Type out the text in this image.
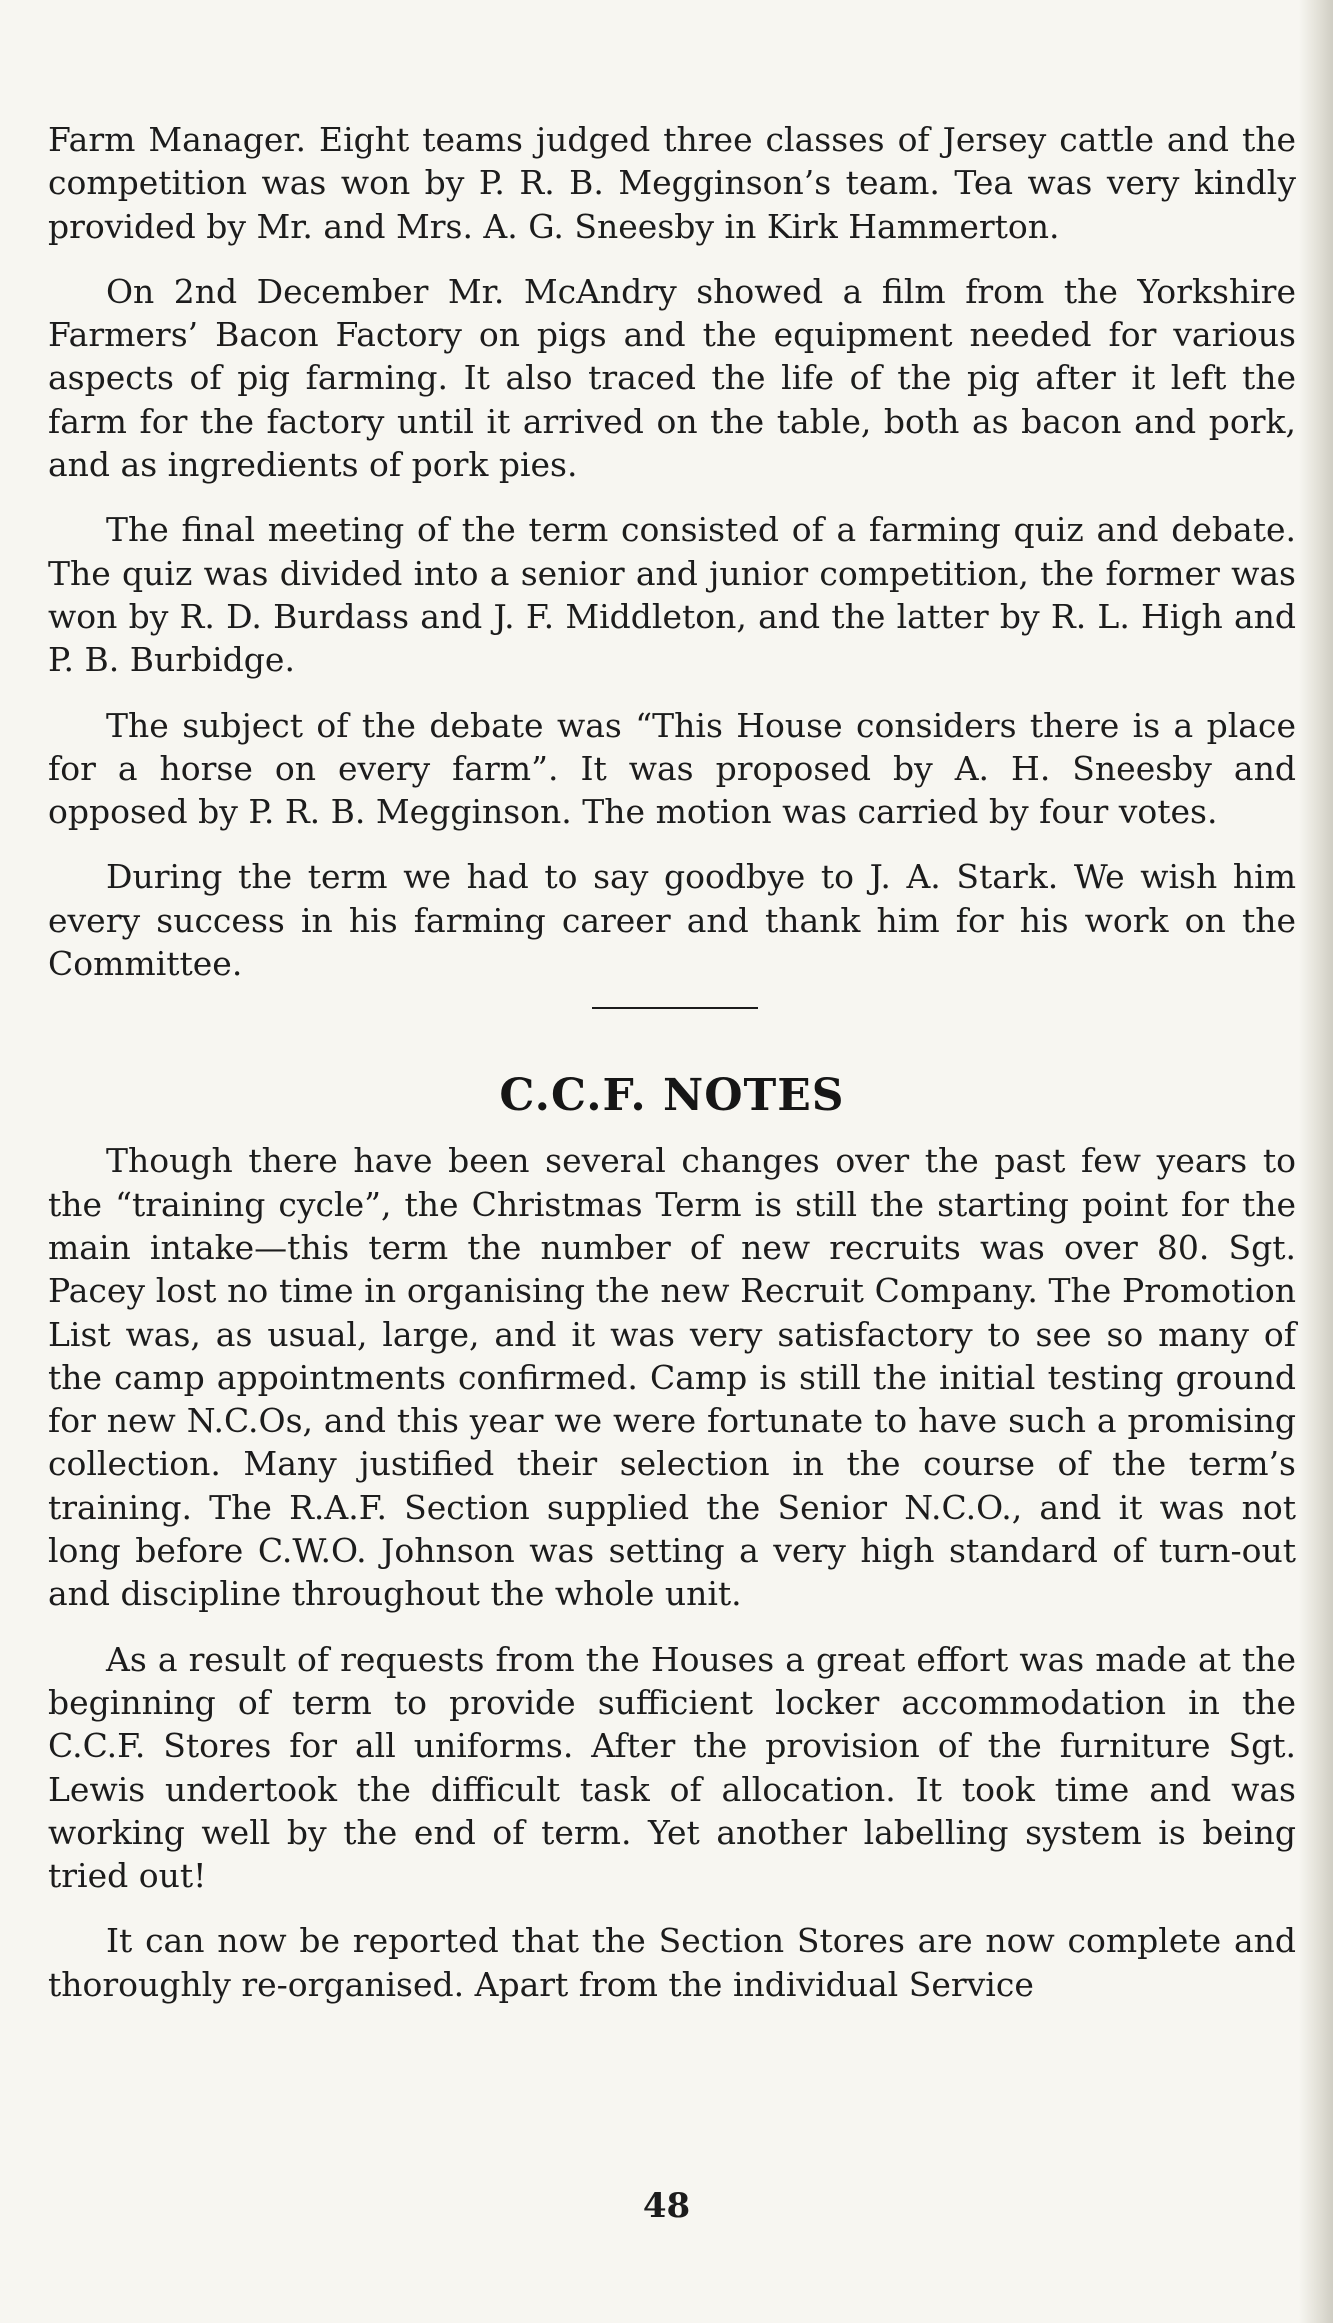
Farm Manager. Eight teams judged three classes of Jersey cattle and the competition was won by P. R. B. Megginson’s team. Tea was very kindly provided by Mr. and Mrs. A. G. Sneesby in Kirk Hammerton.

On 2nd December Mr. McAndry showed a film from the Yorkshire Farmers’ Bacon Factory on pigs and the equipment needed for various aspects of pig farming. It also traced the life of the pig after it left the farm for the factory until it arrived on the table, both as bacon and pork, and as ingredients of pork pies.

The final meeting of the term consisted of a farming quiz and debate. The quiz was divided into a senior and junior competition, the former was won by R. D. Burdass and J. F. Middleton, and the latter by R. L. High and P. B. Burbidge.

The subject of the debate was “This House considers there is a place for a horse on every farm”. It was proposed by A. H. Sneesby and opposed by P. R. B. Megginson. The motion was carried by four votes.

During the term we had to say goodbye to J. A. Stark. We wish him every success in his farming career and thank him for his work on the Committee.

C.C.F. NOTES

Though there have been several changes over the past few years to the “training cycle”, the Christmas Term is still the starting point for the main intake—this term the number of new recruits was over 80. Sgt. Pacey lost no time in organising the new Recruit Company. The Promotion List was, as usual, large, and it was very satisfactory to see so many of the camp appointments confirmed. Camp is still the initial testing ground for new N.C.Os, and this year we were fortunate to have such a promising collection. Many justified their selection in the course of the term’s training. The R.A.F. Section supplied the Senior N.C.O., and it was not long before C.W.O. Johnson was setting a very high standard of turn-out and discipline throughout the whole unit.

As a result of requests from the Houses a great effort was made at the beginning of term to provide sufficient locker accommodation in the C.C.F. Stores for all uniforms. After the provision of the furniture Sgt. Lewis undertook the difficult task of allocation. It took time and was working well by the end of term. Yet another labelling system is being tried out!

It can now be reported that the Section Stores are now complete and thoroughly re-organised. Apart from the individual Service

48
